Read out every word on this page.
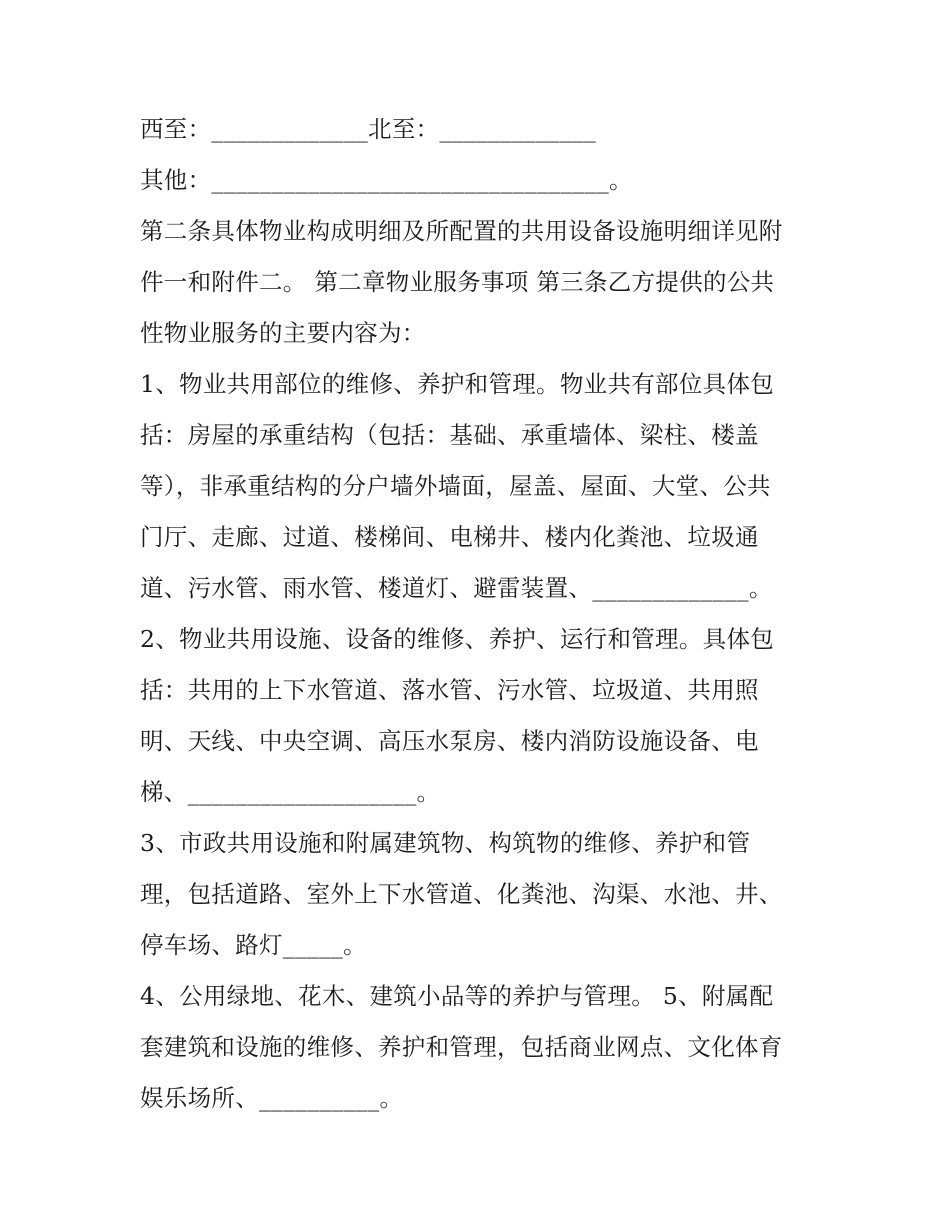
西至：_____________北至：_____________
其他：_________________________________。
第二条具体物业构成明细及所配置的共用设备设施明细详见附
件一和附件二。 第二章物业服务事项 第三条乙方提供的公共
性物业服务的主要内容为：
1、物业共用部位的维修、养护和管理。物业共有部位具体包
括：房屋的承重结构（包括：基础、承重墙体、梁柱、楼盖
等），非承重结构的分户墙外墙面，屋盖、屋面、大堂、公共
门厅、走廊、过道、楼梯间、电梯井、楼内化粪池、垃圾通
道、污水管、雨水管、楼道灯、避雷装置、_____________。
2、物业共用设施、设备的维修、养护、运行和管理。具体包
括：共用的上下水管道、落水管、污水管、垃圾道、共用照
明、天线、中央空调、高压水泵房、楼内消防设施设备、电
梯、___________________。
3、市政共用设施和附属建筑物、构筑物的维修、养护和管
理，包括道路、室外上下水管道、化粪池、沟渠、水池、井、
停车场、路灯_____。
4、公用绿地、花木、建筑小品等的养护与管理。 5、附属配
套建筑和设施的维修、养护和管理，包括商业网点、文化体育
娱乐场所、__________。
